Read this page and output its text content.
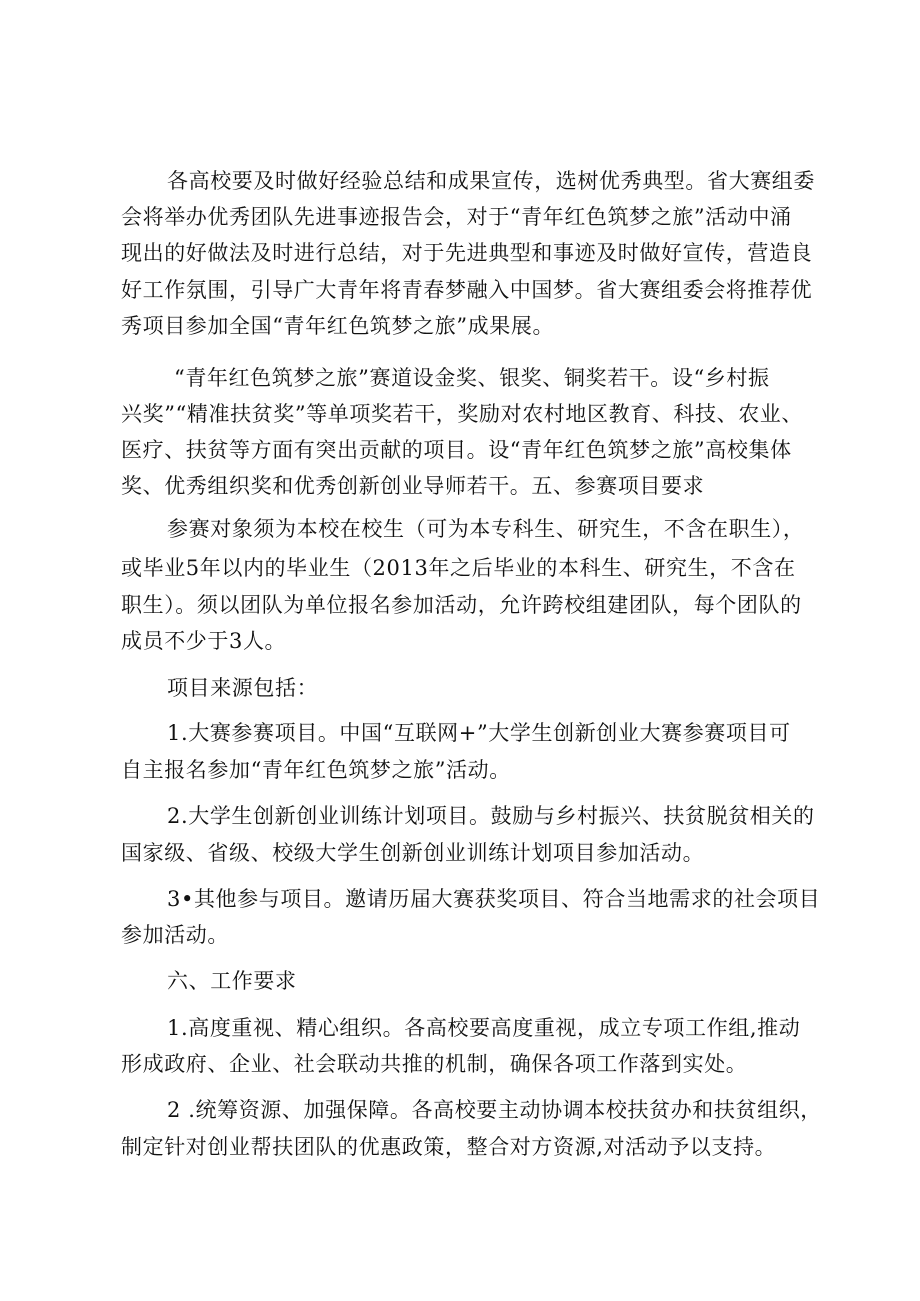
各高校要及时做好经验总结和成果宣传，选树优秀典型。省大赛组委
会将举办优秀团队先进事迹报告会，对于“青年红色筑梦之旅”活动中涌
现出的好做法及时进行总结，对于先进典型和事迹及时做好宣传，营造良
好工作氛围，引导广大青年将青春梦融入中国梦。省大赛组委会将推荐优
秀项目参加全国“青年红色筑梦之旅”成果展。
“青年红色筑梦之旅”赛道设金奖、银奖、铜奖若干。设“乡村振
兴奖”“精准扶贫奖”等单项奖若干，奖励对农村地区教育、科技、农业、
医疗、扶贫等方面有突出贡献的项目。设“青年红色筑梦之旅”高校集体
奖、优秀组织奖和优秀创新创业导师若干。五、参赛项目要求
参赛对象须为本校在校生（可为本专科生、研究生，不含在职生），
或毕业5年以内的毕业生（2013年之后毕业的本科生、研究生，不含在
职生）。须以团队为单位报名参加活动，允许跨校组建团队，每个团队的
成员不少于3人。
项目来源包括：
1.大赛参赛项目。中国“互联网+”大学生创新创业大赛参赛项目可
自主报名参加“青年红色筑梦之旅”活动。
2.大学生创新创业训练计划项目。鼓励与乡村振兴、扶贫脱贫相关的
国家级、省级、校级大学生创新创业训练计划项目参加活动。
3•其他参与项目。邀请历届大赛获奖项目、符合当地需求的社会项目
参加活动。
六、工作要求
1.高度重视、精心组织。各高校要高度重视，成立专项工作组,推动
形成政府、企业、社会联动共推的机制，确保各项工作落到实处。
2 .统筹资源、加强保障。各高校要主动协调本校扶贫办和扶贫组织，
制定针对创业帮扶团队的优惠政策，整合对方资源,对活动予以支持。
